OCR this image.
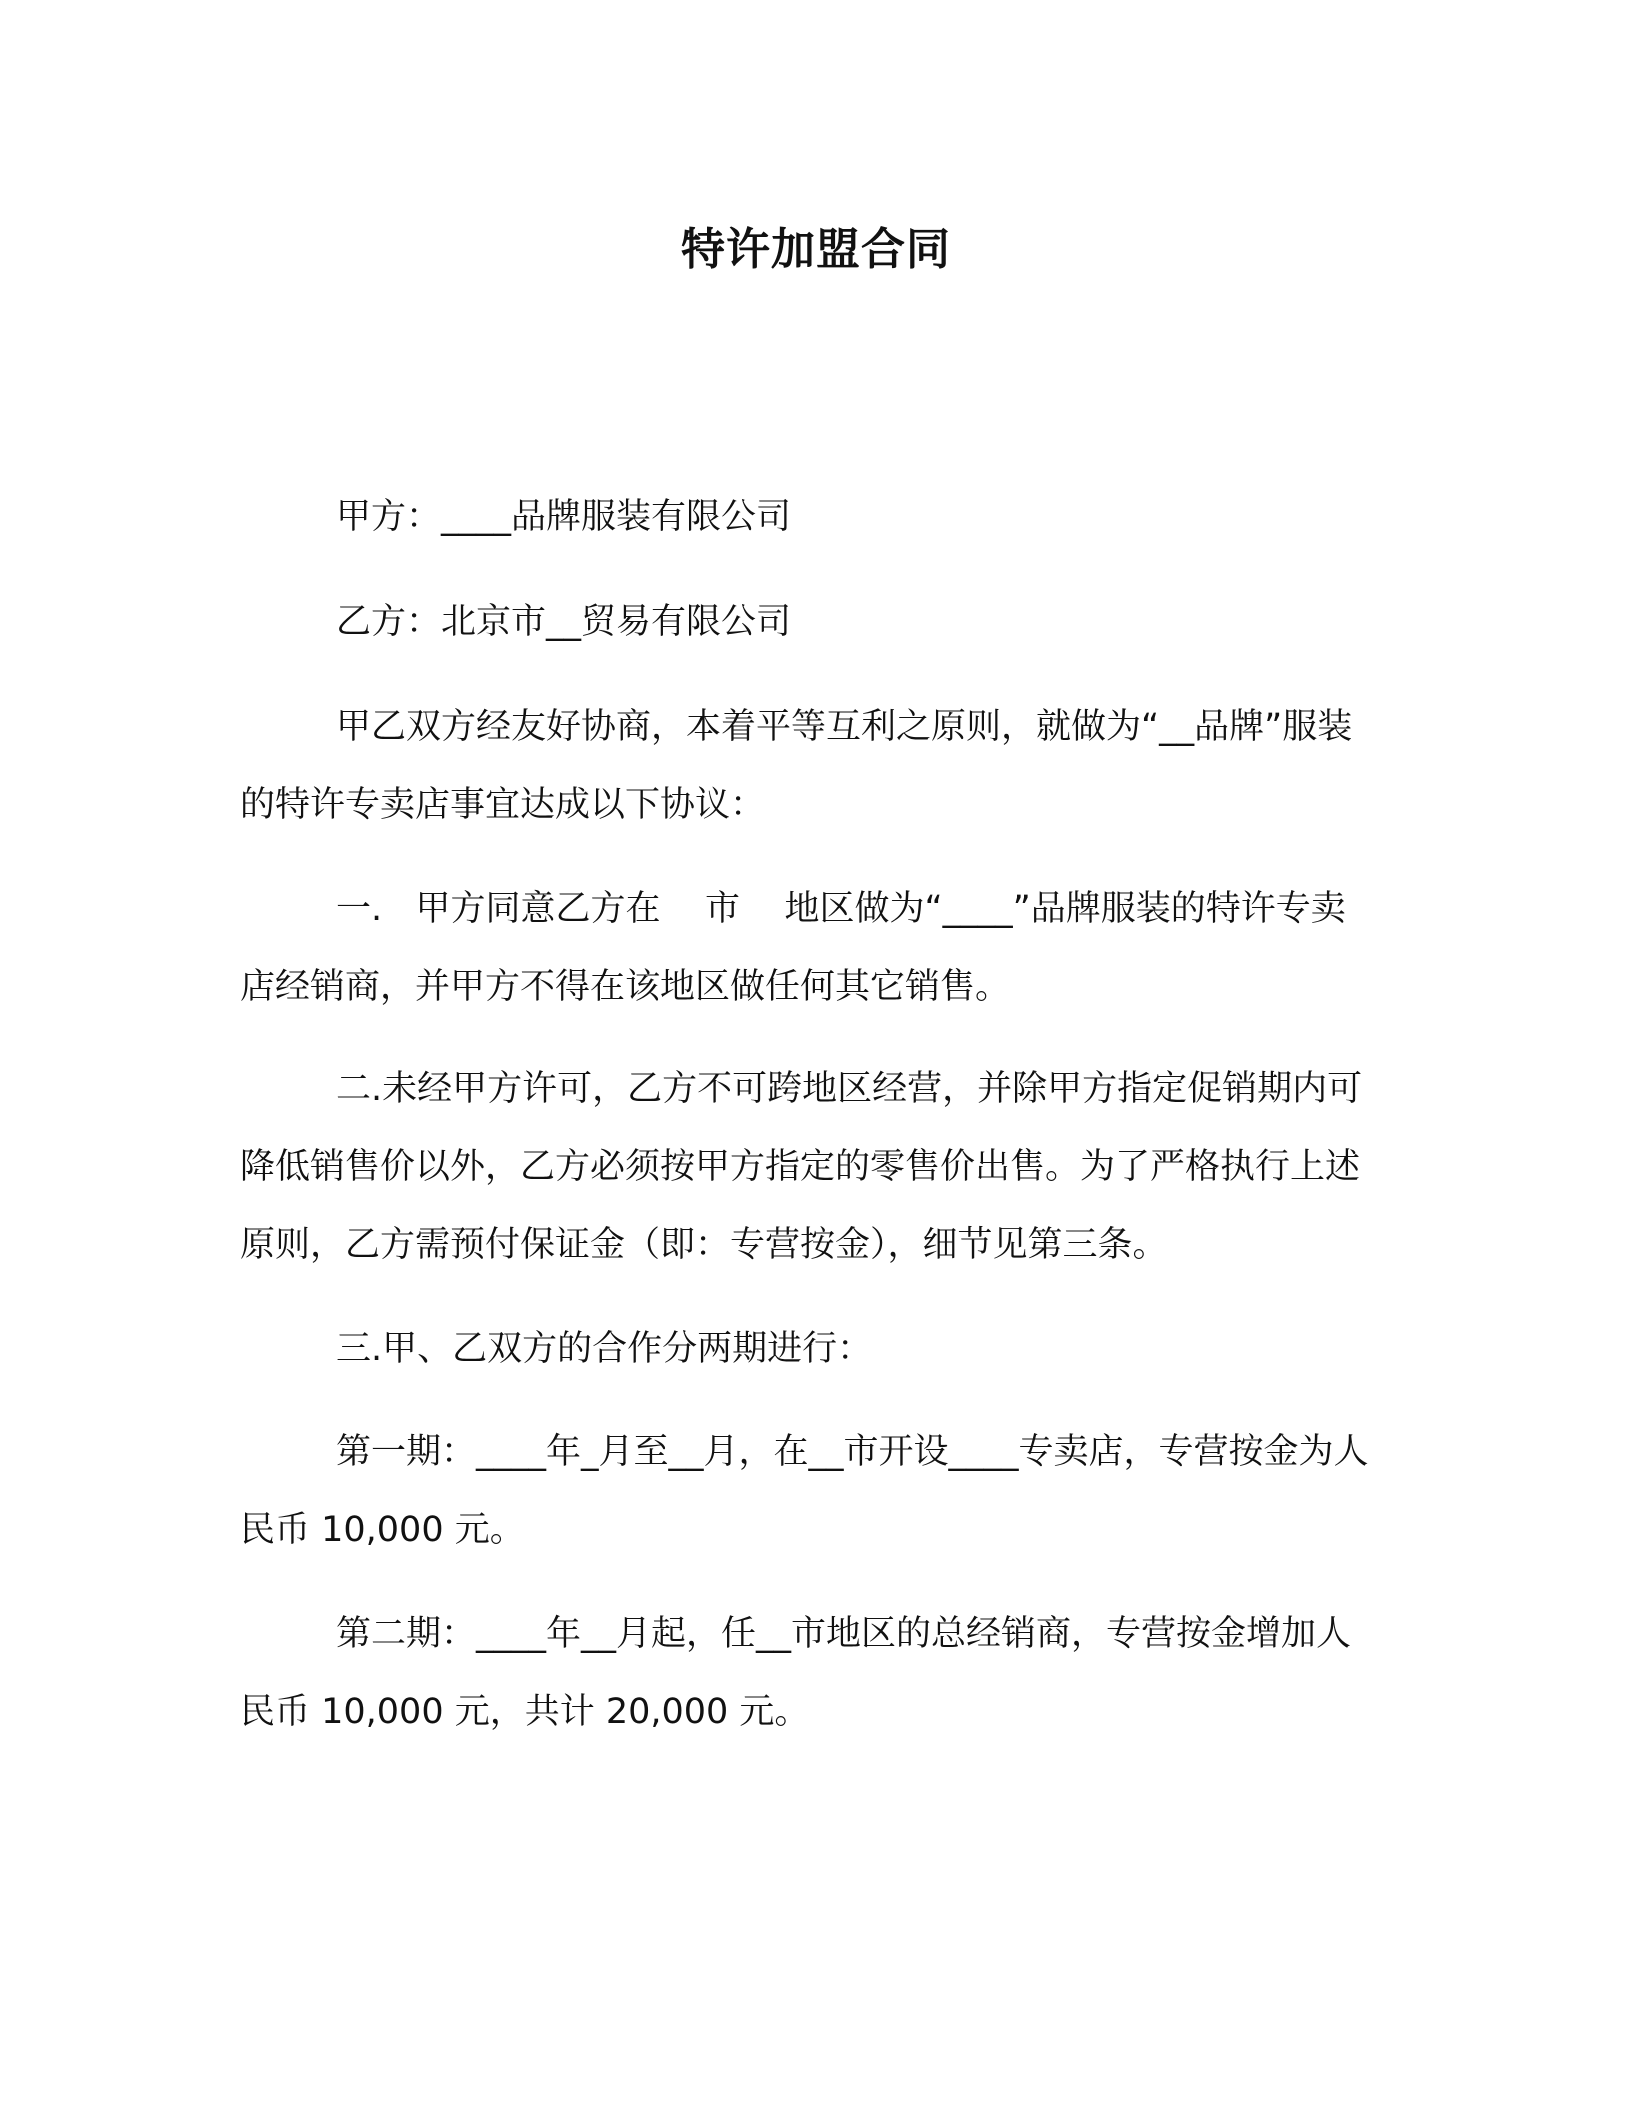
特许加盟合同

甲方：____品牌服装有限公司

乙方：北京市__贸易有限公司

甲乙双方经友好协商，本着平等互利之原则，就做为“__品牌”服装的特许专卖店事宜达成以下协议：

一.   甲方同意乙方在    市    地区做为“____”品牌服装的特许专卖店经销商，并甲方不得在该地区做任何其它销售。

二.未经甲方许可，乙方不可跨地区经营，并除甲方指定促销期内可降低销售价以外，乙方必须按甲方指定的零售价出售。为了严格执行上述原则，乙方需预付保证金（即：专营按金），细节见第三条。

三.甲、乙双方的合作分两期进行：

第一期：____年_月至__月，在__市开设____专卖店，专营按金为人民币 10,000 元。

第二期：____年__月起，任__市地区的总经销商，专营按金增加人民币 10,000 元，共计 20,000 元。
